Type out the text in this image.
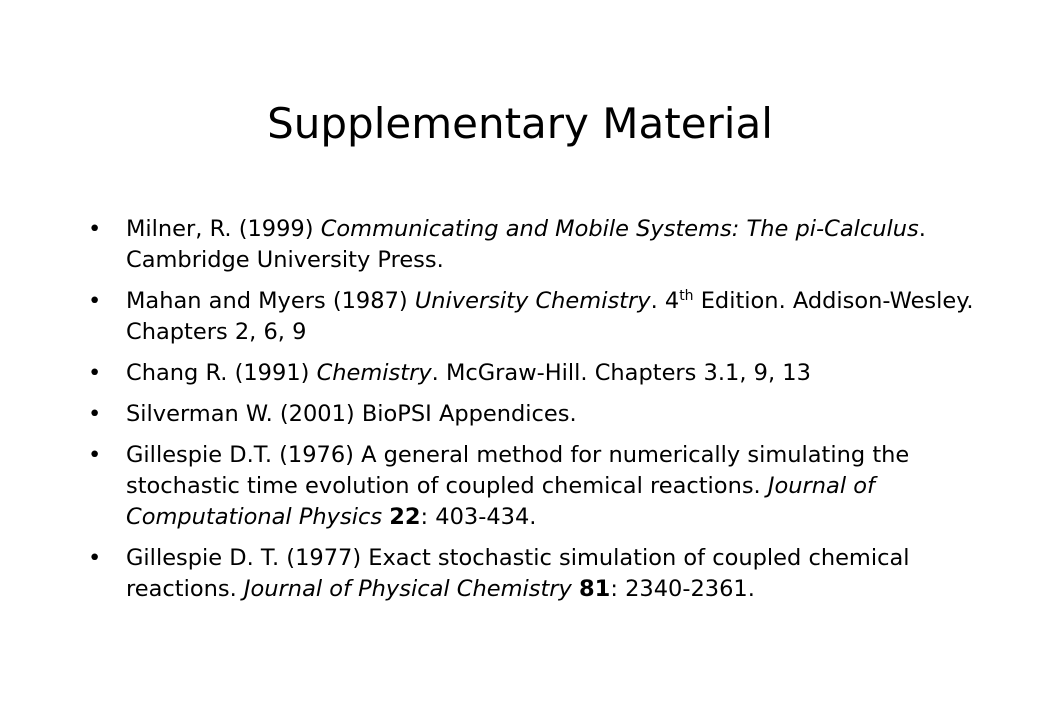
Supplementary Material
• Milner, R. (1999) Communicating and Mobile Systems: The pi-Calculus. Cambridge University Press.
• Mahan and Myers (1987) University Chemistry. 4th Edition. Addison-Wesley. Chapters 2, 6, 9
• Chang R. (1991) Chemistry. McGraw-Hill. Chapters 3.1, 9, 13
• Silverman W. (2001) BioPSI Appendices.
• Gillespie D.T. (1976) A general method for numerically simulating the stochastic time evolution of coupled chemical reactions. Journal of Computational Physics 22: 403-434.
• Gillespie D. T. (1977) Exact stochastic simulation of coupled chemical reactions. Journal of Physical Chemistry 81: 2340-2361.
